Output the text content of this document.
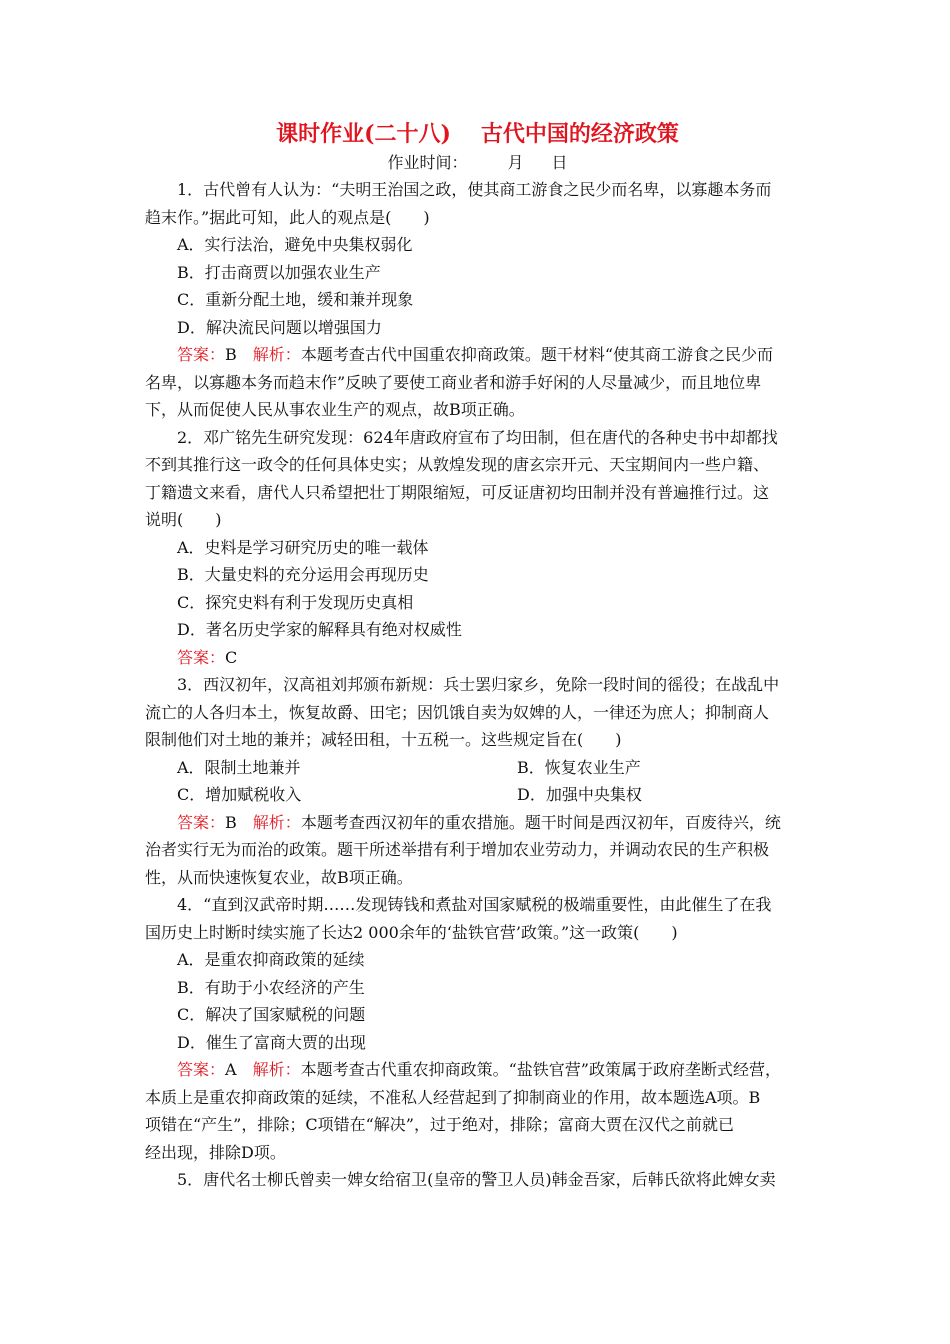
课时作业(二十八) 古代中国的经济政策

作业时间：	月 日

1．古代曾有人认为：“夫明王治国之政，使其商工游食之民少而名卑，以寡趣本务而

趋末作。”据此可知，此人的观点是(　　)

A．实行法治，避免中央集权弱化

B．打击商贾以加强农业生产

C．重新分配土地，缓和兼并现象

D．解决流民问题以增强国力

答案：B　 解析：本题考查古代中国重农抑商政策。题干材料“使其商工游食之民少而

名卑，以寡趣本务而趋末作”反映了要使工商业者和游手好闲的人尽量减少，而且地位卑

下，从而促使人民从事农业生产的观点，故B项正确。

2．邓广铭先生研究发现：624年唐政府宣布了均田制，但在唐代的各种史书中却都找

不到其推行这一政令的任何具体史实；从敦煌发现的唐玄宗开元、天宝期间内一些户籍、

丁籍遗文来看，唐代人只希望把壮丁期限缩短，可反证唐初均田制并没有普遍推行过。这

说明(　　)

A．史料是学习研究历史的唯一载体

B．大量史料的充分运用会再现历史

C．探究史料有利于发现历史真相

D．著名历史学家的解释具有绝对权威性

答案：C

3．西汉初年，汉高祖刘邦颁布新规：兵士罢归家乡，免除一段时间的徭役；在战乱中

流亡的人各归本土，恢复故爵、田宅；因饥饿自卖为奴婢的人，一律还为庶人；抑制商人

限制他们对土地的兼并；减轻田租，十五税一。这些规定旨在(　　)

A．限制土地兼并	B．恢复农业生产
C．增加赋税收入	D．加强中央集权

答案：B　 解析：本题考查西汉初年的重农措施。题干时间是西汉初年，百废待兴，统

治者实行无为而治的政策。题干所述举措有利于增加农业劳动力，并调动农民的生产积极

性，从而快速恢复农业，故B项正确。

4．“直到汉武帝时期……发现铸钱和煮盐对国家赋税的极端重要性，由此催生了在我

国历史上时断时续实施了长达2 000余年的‘盐铁官营’政策。”这一政策(　　)

A．是重农抑商政策的延续

B．有助于小农经济的产生

C．解决了国家赋税的问题

D．催生了富商大贾的出现

答案：A　 解析：本题考查古代重农抑商政策。“盐铁官营”政策属于政府垄断式经营，

本质上是重农抑商政策的延续，不准私人经营起到了抑制商业的作用，故本题选A项。B

项错在“产生”，排除；C项错在“解决”，过于绝对，排除；富商大贾在汉代之前就已

经出现，排除D项。

5．唐代名士柳氏曾卖一婢女给宿卫(皇帝的警卫人员)韩金吾家，后韩氏欲将此婢女卖
